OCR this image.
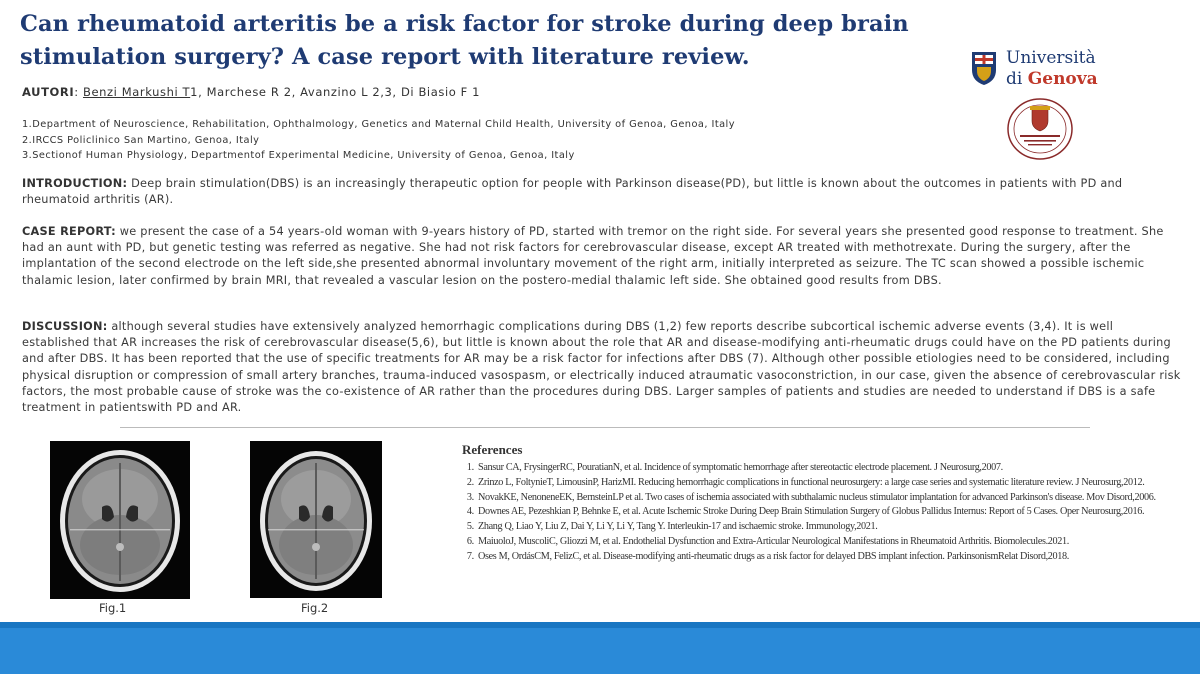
Can rheumatoid arteritis be a risk factor for stroke during deep brain stimulation surgery? A case report with literature review.	Università
di Genova
AUTORI: Benzi Markushi T1, Marchese R 2, Avanzino L 2,3, Di Biasio F 1
1.Department of Neuroscience, Rehabilitation, Ophthalmology, Genetics and Maternal Child Health, University of Genoa, Genoa, Italy
2.IRCCS Policlinico San Martino, Genoa, Italy
3.Sectionof Human Physiology, Departmentof Experimental Medicine, University of Genoa, Genoa, Italy

INTRODUCTION: Deep brain stimulation(DBS) is an increasingly therapeutic option for people with Parkinson disease(PD), but little is known about the outcomes in patients with PD and rheumatoid arthritis (AR).

CASE REPORT: we present the case of a 54 years-old woman with 9-years history of PD, started with tremor on the right side. For several years she presented good response to treatment. She had an aunt with PD, but genetic testing was referred as negative. She had not risk factors for cerebrovascular disease, except AR treated with methotrexate. During the surgery, after the implantation of the second electrode on the left side,she presented abnormal involuntary movement of the right arm, initially interpreted as seizure. The TC scan showed a possible ischemic thalamic lesion, later confirmed by brain MRI, that revealed a vascular lesion on the postero-medial thalamic left side. She obtained good results from DBS.

DISCUSSION: although several studies have extensively analyzed hemorrhagic complications during DBS (1,2) few reports describe subcortical ischemic adverse events (3,4). It is well established that AR increases the risk of cerebrovascular disease(5,6), but little is known about the role that AR and disease-modifying anti-rheumatic drugs could have on the PD patients during and after DBS. It has been reported that the use of specific treatments for AR may be a risk factor for infections after DBS (7). Although other possible etiologies need to be considered, including physical disruption or compression of small artery branches, trauma-induced vasospasm, or electrically induced atraumatic vasoconstriction, in our case, given the absence of cerebrovascular risk factors, the most probable cause of stroke was the co-existence of AR rather than the procedures during DBS. Larger samples of patients and studies are needed to understand if DBS is a safe treatment in patientswith PD and AR.

Fig.1	Fig.2
References
1. Sansur CA, FrysingerRC, PouratianN, et al. Incidence of symptomatic hemorrhage after stereotactic electrode placement. J Neurosurg,2007.
2. Zrinzo L, FoltynieT, LimousinP, HarizMI. Reducing hemorrhagic complications in functional neurosurgery: a large case series and systematic literature review. J Neurosurg,2012.
3. NovakKE, NenoneneEK, BernsteinLP et al. Two cases of ischemia associated with subthalamic nucleus stimulator implantation for advanced Parkinson's disease. Mov Disord,2006.
4. Downes AE, Pezeshkian P, Behnke E, et al. Acute Ischemic Stroke During Deep Brain Stimulation Surgery of Globus Pallidus Internus: Report of 5 Cases. Oper Neurosurg,2016.
5. Zhang Q, Liao Y, Liu Z, Dai Y, Li Y, Li Y, Tang Y. Interleukin-17 and ischaemic stroke. Immunology,2021.
6. MaiuoloJ, MuscoliC, Gliozzi M, et al. Endothelial Dysfunction and Extra-Articular Neurological Manifestations in Rheumatoid Arthritis. Biomolecules.2021.
7. Oses M, OrdásCM, FelizC, et al. Disease-modifying anti-rheumatic drugs as a risk factor for delayed DBS implant infection. ParkinsonismRelat Disord,2018.
